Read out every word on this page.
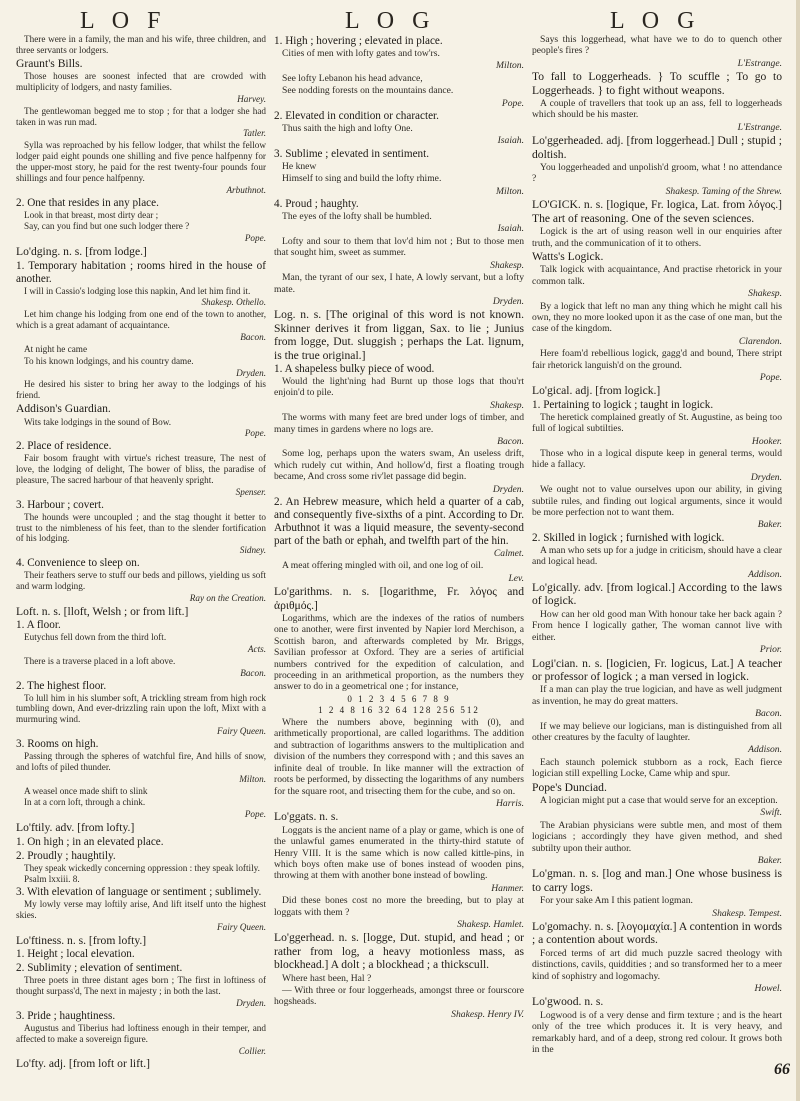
L O F	L O G	L O G
There were in a family, the man and his wife, three children, and three servants or lodgers.
Graunt's Bills.
Those houses are soonest infected that are crowded with multiplicity of lodgers, and nasty families.
Harvey.
The gentlewoman begged me to stop ; for that a lodger she had taken in was run mad.
Tatler.
Sylla was reproached by his fellow lodger, that whilst the fellow lodger paid eight pounds one shilling and five pence halfpenny for the upper-most story, he paid for the rest twenty-four pounds four shillings and four pence halfpenny.
Arbuthnot.
2. One that resides in any place.
Look in that breast, most dirty dear ;
Say, can you find but one such lodger there ?
Pope.
Lo'dging. n. s. [from lodge.]
1. Temporary habitation ; rooms hired in the house of another.
I will in Cassio's lodging lose this napkin, And let him find it.
Shakesp. Othello.
Let him change his lodging from one end of the town to another, which is a great adamant of acquaintance.
Bacon.
At night he came
To his known lodgings, and his country dame.
Dryden.
He desired his sister to bring her away to the lodgings of his friend.
Addison's Guardian.
Wits take lodgings in the sound of Bow.
Pope.
2. Place of residence.
Fair bosom fraught with virtue's richest treasure, The nest of love, the lodging of delight, The bower of bliss, the paradise of pleasure, The sacred harbour of that heavenly spright.
Spenser.
3. Harbour ; covert.
The hounds were uncoupled ; and the stag thought it better to trust to the nimbleness of his feet, than to the slender fortification of his lodging.
Sidney.
4. Convenience to sleep on.
Their feathers serve to stuff our beds and pillows, yielding us soft and warm lodging.
Ray on the Creation.
Loft. n. s. [lloft, Welsh ; or from lift.]
1. A floor.
Eutychus fell down from the third loft.
Acts.
There is a traverse placed in a loft above.
Bacon.
2. The highest floor.
To lull him in his slumber soft, A trickling stream from high rock tumbling down, And ever-drizzling rain upon the loft, Mixt with a murmuring wind.
Fairy Queen.
3. Rooms on high.
Passing through the spheres of watchful fire, And hills of snow, and lofts of piled thunder.
Milton.
A weasel once made shift to slink
In at a corn loft, through a chink.
Pope.
Lo'ftily. adv. [from lofty.]
1. On high ; in an elevated place.
2. Proudly ; haughtily.
They speak wickedly concerning oppression : they speak loftily.
Psalm lxxiii. 8.
3. With elevation of language or sentiment ; sublimely.
My lowly verse may loftily arise, And lift itself unto the highest skies.
Fairy Queen.
Lo'ftiness. n. s. [from lofty.]
1. Height ; local elevation.
2. Sublimity ; elevation of sentiment.
Three poets in three distant ages born ; The first in loftiness of thought surpass'd, The next in majesty ; in both the last.
Dryden.
3. Pride ; haughtiness.
Augustus and Tiberius had loftiness enough in their temper, and affected to make a sovereign figure.
Collier.
Lo'fty. adj. [from loft or lift.]
1. High ; hovering ; elevated in place.
Cities of men with lofty gates and tow'rs.
Milton.
See lofty Lebanon his head advance,
See nodding forests on the mountains dance.
Pope.
2. Elevated in condition or character.
Thus saith the high and lofty One.
Isaiah.
3. Sublime ; elevated in sentiment.
He knew
Himself to sing and build the lofty rhime.
Milton.
4. Proud ; haughty.
The eyes of the lofty shall be humbled.
Isaiah.
Lofty and sour to them that lov'd him not ; But to those men that sought him, sweet as summer.
Shakesp.
Man, the tyrant of our sex, I hate, A lowly servant, but a lofty mate.
Dryden.
Log. n. s. [The original of this word is not known. Skinner derives it from liggan, Sax. to lie ; Junius from logge, Dut. sluggish ; perhaps the Lat. lignum, is the true original.]
1. A shapeless bulky piece of wood.
Would the light'ning had Burnt up those logs that thou'rt enjoin'd to pile.
Shakesp.
The worms with many feet are bred under logs of timber, and many times in gardens where no logs are.
Bacon.
Some log, perhaps upon the waters swam, An useless drift, which rudely cut within, And hollow'd, first a floating trough became, And cross some riv'let passage did begin.
Dryden.
2. An Hebrew measure, which held a quarter of a cab, and consequently five-sixths of a pint. According to Dr. Arbuthnot it was a liquid measure, the seventy-second part of the bath or ephah, and twelfth part of the hin.
Calmet.
A meat offering mingled with oil, and one log of oil.
Lev.
Lo'garithms. n. s. [logarithme, Fr. λόγος and ἀριθμός.]
Logarithms, which are the indexes of the ratios of numbers one to another, were first invented by Napier lord Merchison, a Scottish baron, and afterwards completed by Mr. Briggs, Savilian professor at Oxford. They are a series of artificial numbers contrived for the expedition of calculation, and proceeding in an arithmetical proportion, as the numbers they answer to do in a geometrical one ; for instance,
0 1 2 3 4 5 6 7 8 9
1 2 4 8 16 32 64 128 256 512
Where the numbers above, beginning with (0), and arithmetically proportional, are called logarithms. The addition and subtraction of logarithms answers to the multiplication and division of the numbers they correspond with ; and this saves an infinite deal of trouble. In like manner will the extraction of roots be performed, by dissecting the logarithms of any numbers for the square root, and trisecting them for the cube, and so on.
Harris.
Lo'ggats. n. s.
Loggats is the ancient name of a play or game, which is one of the unlawful games enumerated in the thirty-third statute of Henry VIII. It is the same which is now called kittle-pins, in which boys often make use of bones instead of wooden pins, throwing at them with another bone instead of bowling.
Hanmer.
Did these bones cost no more the breeding, but to play at loggats with them ?
Shakesp. Hamlet.
Lo'ggerhead. n. s. [logge, Dut. stupid, and head ; or rather from log, a heavy motionless mass, as blockhead.] A dolt ; a blockhead ; a thickscull.
Where hast been, Hal ?
— With three or four loggerheads, amongst three or fourscore hogsheads.
Shakesp. Henry IV.
Says this loggerhead, what have we to do to quench other people's fires ?
L'Estrange.
To fall to Loggerheads. } To scuffle ; To go to Loggerheads. } to fight without weapons.
A couple of travellers that took up an ass, fell to loggerheads which should be his master.
L'Estrange.
Lo'ggerheaded. adj. [from loggerhead.] Dull ; stupid ; doltish.
You loggerheaded and unpolish'd groom, what ! no attendance ?
Shakesp. Taming of the Shrew.
LO'GICK. n. s. [logique, Fr. logica, Lat. from λόγος.] The art of reasoning. One of the seven sciences.
Logick is the art of using reason well in our enquiries after truth, and the communication of it to others.
Watts's Logick.
Talk logick with acquaintance, And practise rhetorick in your common talk.
Shakesp.
By a logick that left no man any thing which he might call his own, they no more looked upon it as the case of one man, but the case of the kingdom.
Clarendon.
Here foam'd rebellious logick, gagg'd and bound, There stript fair rhetorick languish'd on the ground.
Pope.
Lo'gical. adj. [from logick.]
1. Pertaining to logick ; taught in logick.
The heretick complained greatly of St. Augustine, as being too full of logical subtilties.
Hooker.
Those who in a logical dispute keep in general terms, would hide a fallacy.
Dryden.
We ought not to value ourselves upon our ability, in giving subtile rules, and finding out logical arguments, since it would be more perfection not to want them.
Baker.
2. Skilled in logick ; furnished with logick.
A man who sets up for a judge in criticism, should have a clear and logical head.
Addison.
Lo'gically. adv. [from logical.] According to the laws of logick.
How can her old good man With honour take her back again ? From hence I logically gather, The woman cannot live with either.
Prior.
Logi'cian. n. s. [logicien, Fr. logicus, Lat.] A teacher or professor of logick ; a man versed in logick.
If a man can play the true logician, and have as well judgment as invention, he may do great matters.
Bacon.
If we may believe our logicians, man is distinguished from all other creatures by the faculty of laughter.
Addison.
Each staunch polemick stubborn as a rock, Each fierce logician still expelling Locke, Came whip and spur.
Pope's Dunciad.
A logician might put a case that would serve for an exception.
Swift.
The Arabian physicians were subtle men, and most of them logicians ; accordingly they have given method, and shed subtilty upon their author.
Baker.
Lo'gman. n. s. [log and man.] One whose business is to carry logs.
For your sake Am I this patient logman.
Shakesp. Tempest.
Lo'gomachy. n. s. [λογομαχία.] A contention in words ; a contention about words.
Forced terms of art did much puzzle sacred theology with distinctions, cavils, quiddities ; and so transformed her to a meer kind of sophistry and logomachy.
Howel.
Lo'gwood. n. s.
Logwood is of a very dense and firm texture ; and is the heart only of the tree which produces it. It is very heavy, and remarkably hard, and of a deep, strong red colour. It grows both in the
66
